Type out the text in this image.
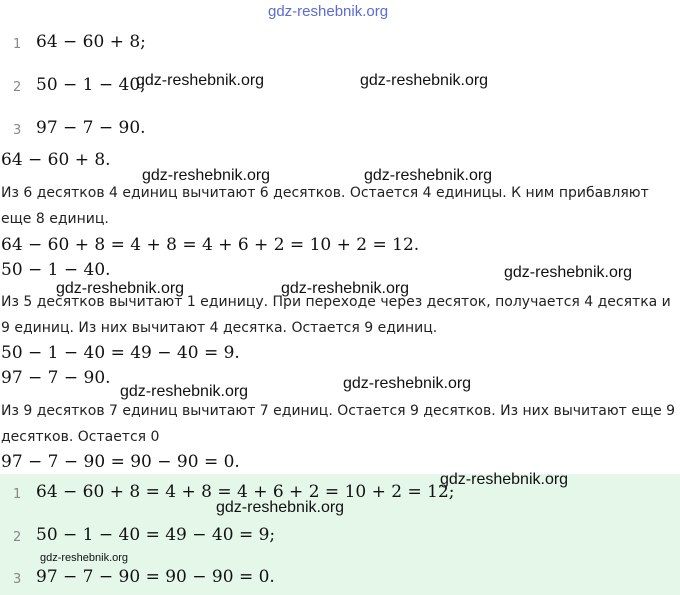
gdz-reshebnik.org
1 64 − 60 + 8;
2 50 − 1 − 40;
3 97 − 7 − 90.
64 − 60 + 8.
Из 6 десятков 4 единиц вычитают 6 десятков. Остается 4 единицы. К ним прибавляют
еще 8 единиц.
64 − 60 + 8 = 4 + 8 = 4 + 6 + 2 = 10 + 2 = 12.
50 − 1 − 40.
Из 5 десятков вычитают 1 единицу. При переходе через десяток, получается 4 десятка и
9 единиц. Из них вычитают 4 десятка. Остается 9 единиц.
50 − 1 − 40 = 49 − 40 = 9.
97 − 7 − 90.
Из 9 десятков 7 единиц вычитают 7 единиц. Остается 9 десятков. Из них вычитают еще 9
десятков. Остается 0
97 − 7 − 90 = 90 − 90 = 0.
1 64 − 60 + 8 = 4 + 8 = 4 + 6 + 2 = 10 + 2 = 12;
2 50 − 1 − 40 = 49 − 40 = 9;
3 97 − 7 − 90 = 90 − 90 = 0.
gdz-reshebnik.org	gdz-reshebnik.org
gdz-reshebnik.org	gdz-reshebnik.org
gdz-reshebnik.org
gdz-reshebnik.org	gdz-reshebnik.org
gdz-reshebnik.org
gdz-reshebnik.org
gdz-reshebnik.org
gdz-reshebnik.org
gdz-reshebnik.org
